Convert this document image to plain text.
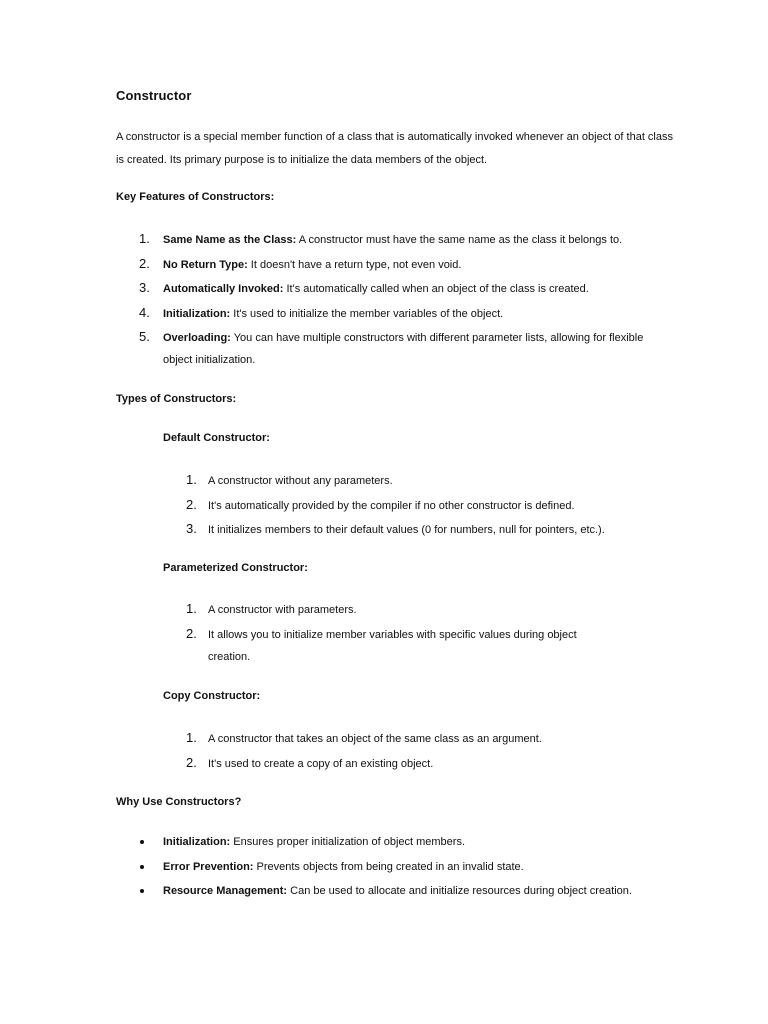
Constructor
A constructor is a special member function of a class that is automatically invoked whenever an object of that class is created. Its primary purpose is to initialize the data members of the object.
Key Features of Constructors:
1. Same Name as the Class: A constructor must have the same name as the class it belongs to.
2. No Return Type: It doesn't have a return type, not even void.
3. Automatically Invoked: It's automatically called when an object of the class is created.
4. Initialization: It's used to initialize the member variables of the object.
5. Overloading: You can have multiple constructors with different parameter lists, allowing for flexible object initialization.
Types of Constructors:
Default Constructor:
1. A constructor without any parameters.
2. It's automatically provided by the compiler if no other constructor is defined.
3. It initializes members to their default values (0 for numbers, null for pointers, etc.).
Parameterized Constructor:
1. A constructor with parameters.
2. It allows you to initialize member variables with specific values during object creation.
Copy Constructor:
1. A constructor that takes an object of the same class as an argument.
2. It's used to create a copy of an existing object.
Why Use Constructors?
Initialization: Ensures proper initialization of object members.
Error Prevention: Prevents objects from being created in an invalid state.
Resource Management: Can be used to allocate and initialize resources during object creation.
